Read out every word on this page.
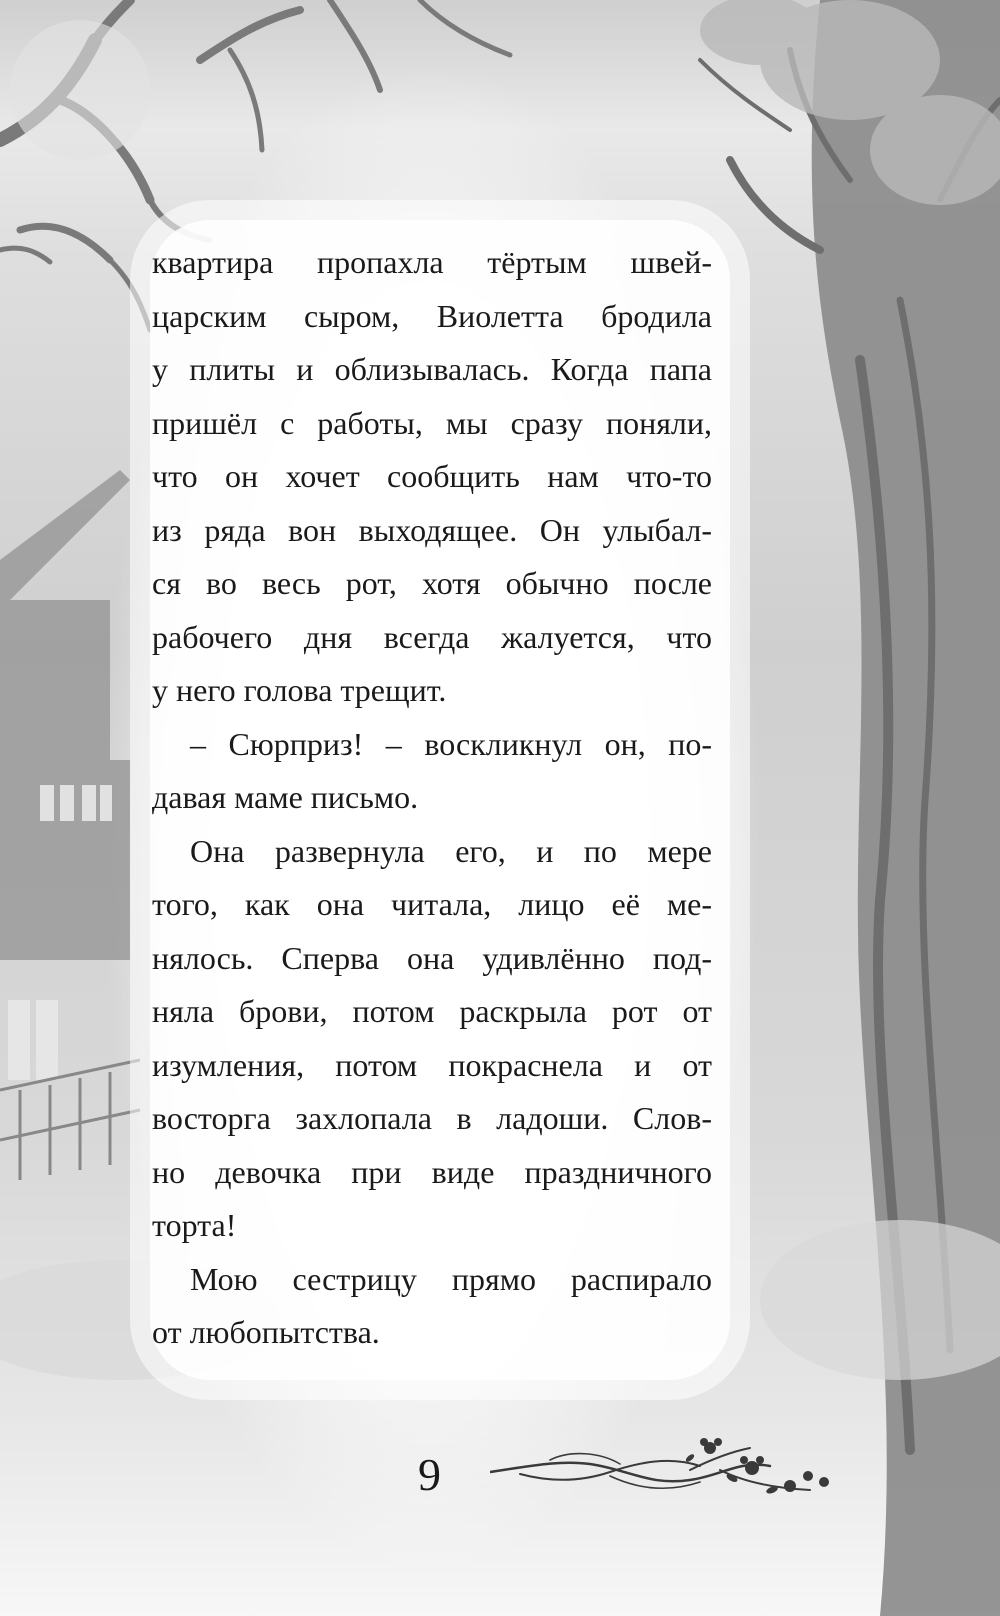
квартира пропахла тёртым швей-
царским сыром, Виолетта бродила
у плиты и облизывалась. Когда папа
пришёл с работы, мы сразу поняли,
что он хочет сообщить нам что-то
из ряда вон выходящее. Он улыбал-
ся во весь рот, хотя обычно после
рабочего дня всегда жалуется, что
у него голова трещит.

– Сюрприз! – воскликнул он, по-
давая маме письмо.

Она развернула его, и по мере
того, как она читала, лицо её ме-
нялось. Сперва она удивлённо под-
няла брови, потом раскрыла рот от
изумления, потом покраснела и от
восторга захлопала в ладоши. Слов-
но девочка при виде праздничного
торта!

Мою сестрицу прямо распирало
от любопытства.

9
